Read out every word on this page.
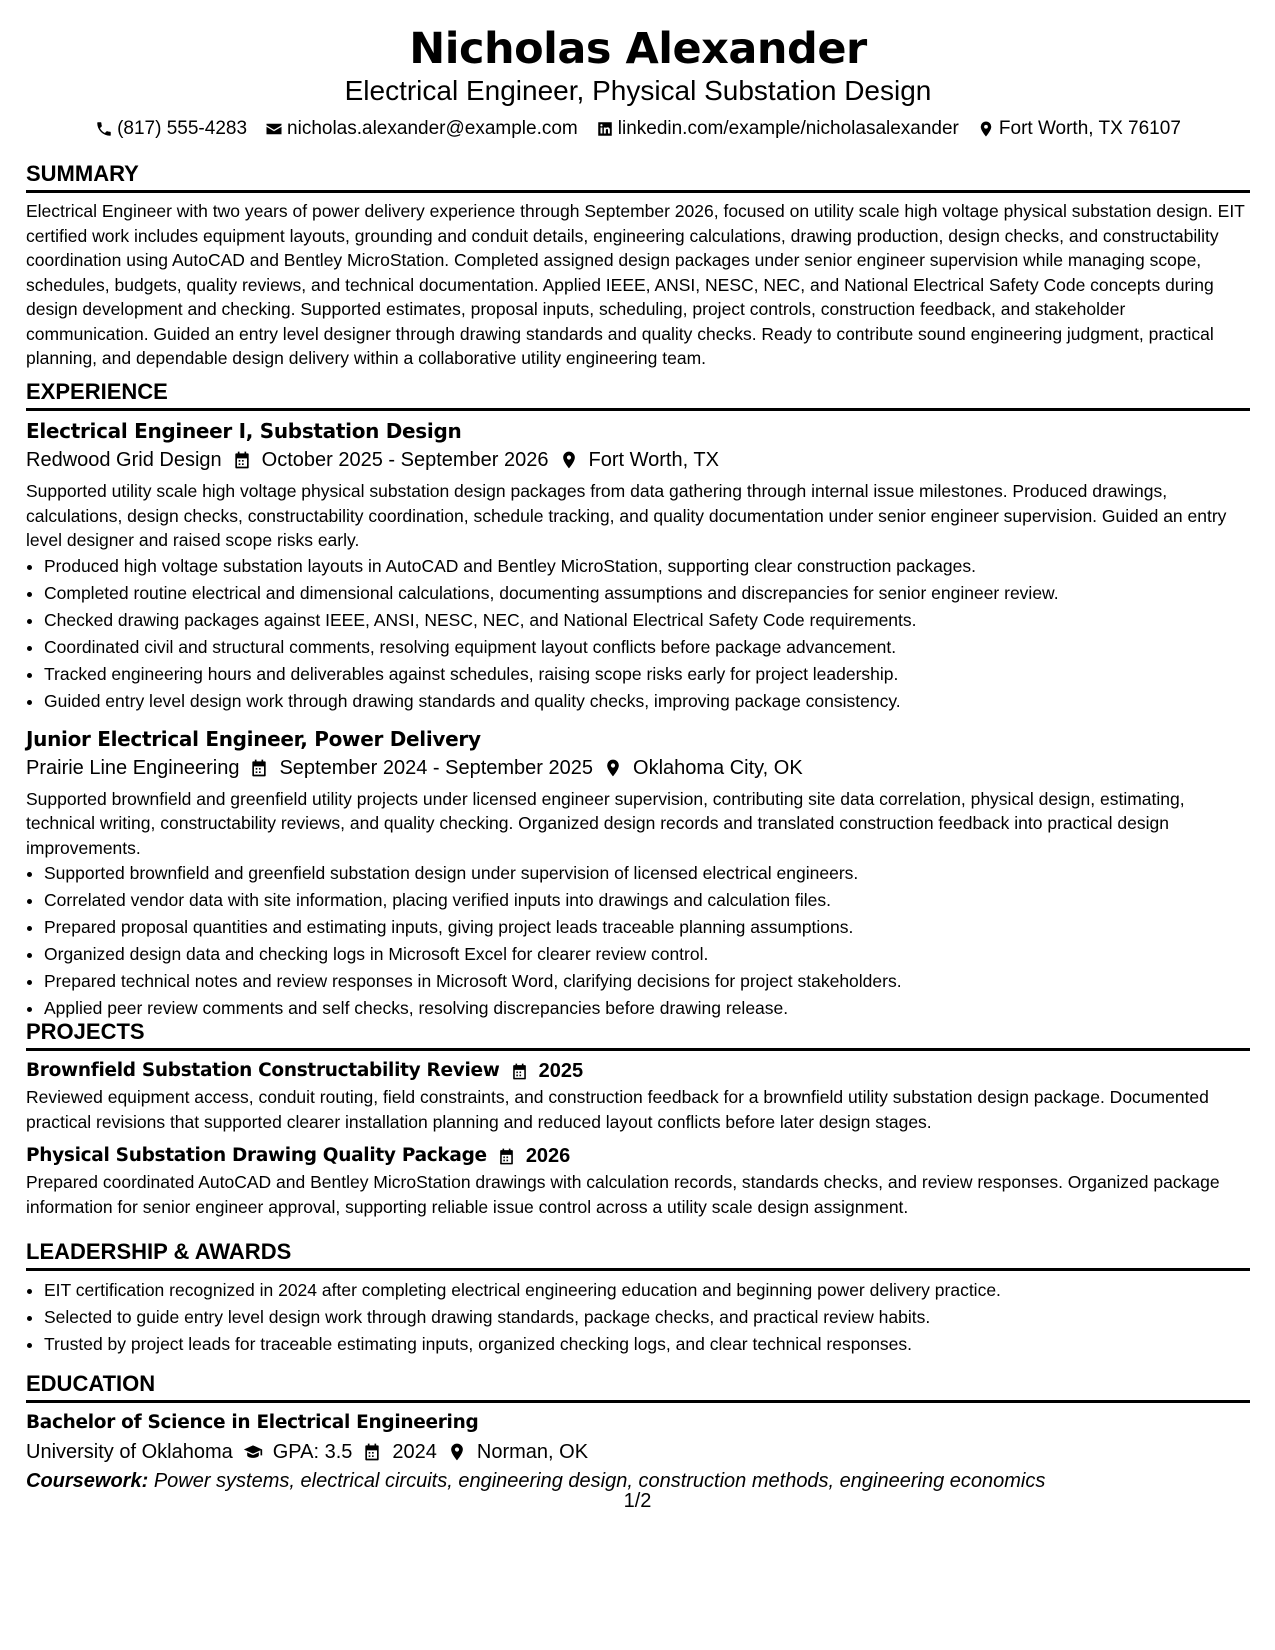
Nicholas Alexander
Electrical Engineer, Physical Substation Design
(817) 555-4283 nicholas.alexander@example.com linkedin.com/example/nicholasalexander Fort Worth, TX 76107
SUMMARY
Electrical Engineer with two years of power delivery experience through September 2026, focused on utility scale high voltage physical substation design. EIT certified work includes equipment layouts, grounding and conduit details, engineering calculations, drawing production, design checks, and constructability coordination using AutoCAD and Bentley MicroStation. Completed assigned design packages under senior engineer supervision while managing scope, schedules, budgets, quality reviews, and technical documentation. Applied IEEE, ANSI, NESC, NEC, and National Electrical Safety Code concepts during design development and checking. Supported estimates, proposal inputs, scheduling, project controls, construction feedback, and stakeholder communication. Guided an entry level designer through drawing standards and quality checks. Ready to contribute sound engineering judgment, practical planning, and dependable design delivery within a collaborative utility engineering team.
EXPERIENCE
Electrical Engineer I, Substation Design
Redwood Grid Design October 2025 - September 2026 Fort Worth, TX
Supported utility scale high voltage physical substation design packages from data gathering through internal issue milestones. Produced drawings, calculations, design checks, constructability coordination, schedule tracking, and quality documentation under senior engineer supervision. Guided an entry level designer and raised scope risks early.
• Produced high voltage substation layouts in AutoCAD and Bentley MicroStation, supporting clear construction packages.
• Completed routine electrical and dimensional calculations, documenting assumptions and discrepancies for senior engineer review.
• Checked drawing packages against IEEE, ANSI, NESC, NEC, and National Electrical Safety Code requirements.
• Coordinated civil and structural comments, resolving equipment layout conflicts before package advancement.
• Tracked engineering hours and deliverables against schedules, raising scope risks early for project leadership.
• Guided entry level design work through drawing standards and quality checks, improving package consistency.
Junior Electrical Engineer, Power Delivery
Prairie Line Engineering September 2024 - September 2025 Oklahoma City, OK
Supported brownfield and greenfield utility projects under licensed engineer supervision, contributing site data correlation, physical design, estimating, technical writing, constructability reviews, and quality checking. Organized design records and translated construction feedback into practical design improvements.
• Supported brownfield and greenfield substation design under supervision of licensed electrical engineers.
• Correlated vendor data with site information, placing verified inputs into drawings and calculation files.
• Prepared proposal quantities and estimating inputs, giving project leads traceable planning assumptions.
• Organized design data and checking logs in Microsoft Excel for clearer review control.
• Prepared technical notes and review responses in Microsoft Word, clarifying decisions for project stakeholders.
• Applied peer review comments and self checks, resolving discrepancies before drawing release.
PROJECTS
Brownfield Substation Constructability Review 2025
Reviewed equipment access, conduit routing, field constraints, and construction feedback for a brownfield utility substation design package. Documented practical revisions that supported clearer installation planning and reduced layout conflicts before later design stages.
Physical Substation Drawing Quality Package 2026
Prepared coordinated AutoCAD and Bentley MicroStation drawings with calculation records, standards checks, and review responses. Organized package information for senior engineer approval, supporting reliable issue control across a utility scale design assignment.
LEADERSHIP & AWARDS
• EIT certification recognized in 2024 after completing electrical engineering education and beginning power delivery practice.
• Selected to guide entry level design work through drawing standards, package checks, and practical review habits.
• Trusted by project leads for traceable estimating inputs, organized checking logs, and clear technical responses.
EDUCATION
Bachelor of Science in Electrical Engineering
University of Oklahoma GPA: 3.5 2024 Norman, OK
Coursework: Power systems, electrical circuits, engineering design, construction methods, engineering economics
1/2
